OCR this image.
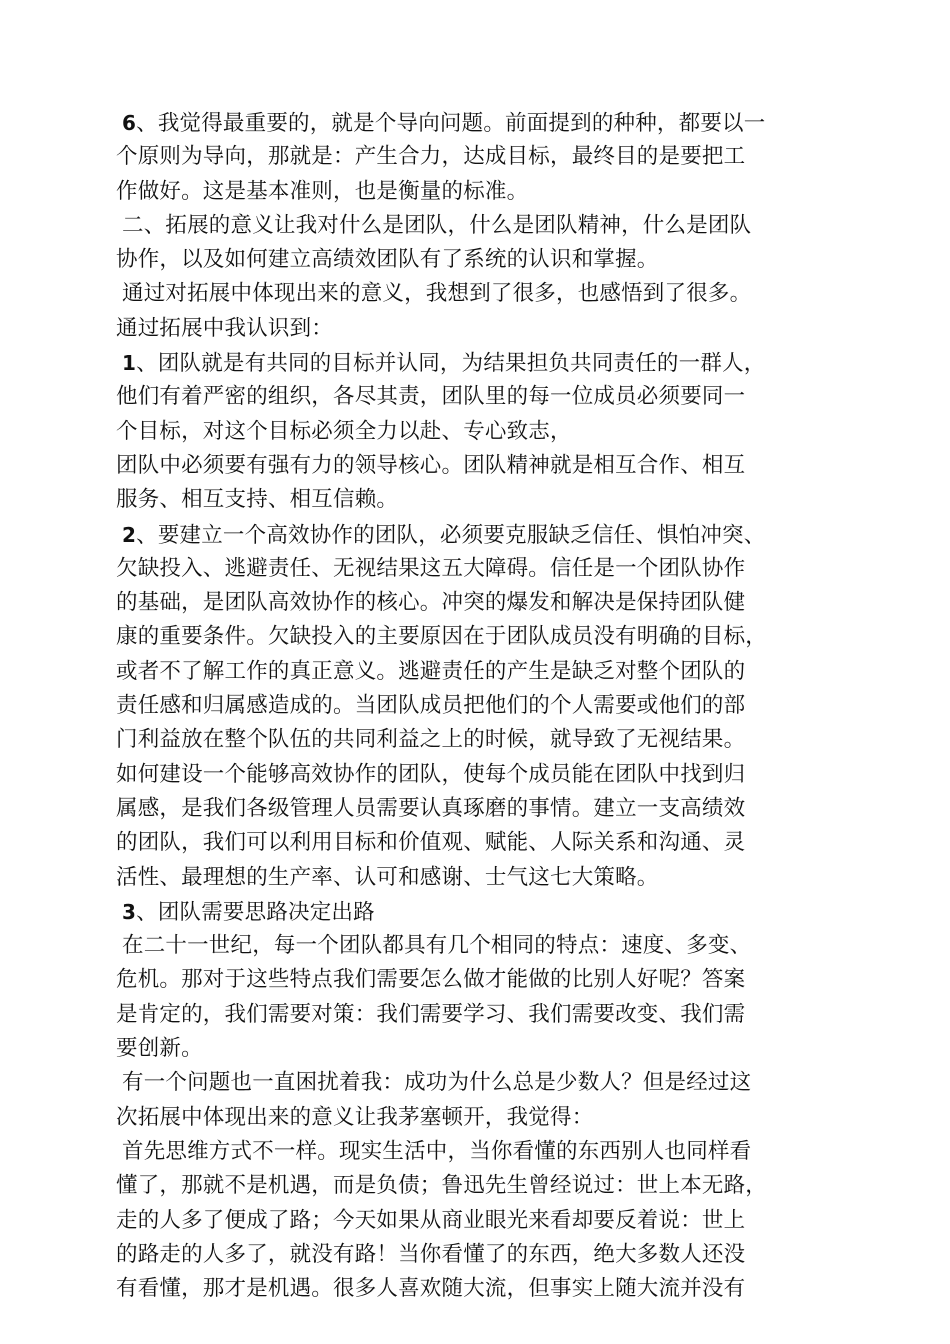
6、我觉得最重要的，就是个导向问题。前面提到的种种，都要以一
个原则为导向，那就是：产生合力，达成目标，最终目的是要把工
作做好。这是基本准则，也是衡量的标准。
二、拓展的意义让我对什么是团队，什么是团队精神，什么是团队
协作，以及如何建立高绩效团队有了系统的认识和掌握。
通过对拓展中体现出来的意义，我想到了很多，也感悟到了很多。
通过拓展中我认识到：
1、团队就是有共同的目标并认同，为结果担负共同责任的一群人，
他们有着严密的组织，各尽其责，团队里的每一位成员必须要同一
个目标，对这个目标必须全力以赴、专心致志，
团队中必须要有强有力的领导核心。团队精神就是相互合作、相互
服务、相互支持、相互信赖。
2、要建立一个高效协作的团队，必须要克服缺乏信任、惧怕冲突、
欠缺投入、逃避责任、无视结果这五大障碍。信任是一个团队协作
的基础，是团队高效协作的核心。冲突的爆发和解决是保持团队健
康的重要条件。欠缺投入的主要原因在于团队成员没有明确的目标，
或者不了解工作的真正意义。逃避责任的产生是缺乏对整个团队的
责任感和归属感造成的。当团队成员把他们的个人需要或他们的部
门利益放在整个队伍的共同利益之上的时候，就导致了无视结果。
如何建设一个能够高效协作的团队，使每个成员能在团队中找到归
属感，是我们各级管理人员需要认真琢磨的事情。建立一支高绩效
的团队，我们可以利用目标和价值观、赋能、人际关系和沟通、灵
活性、最理想的生产率、认可和感谢、士气这七大策略。
3、团队需要思路决定出路
在二十一世纪，每一个团队都具有几个相同的特点：速度、多变、
危机。那对于这些特点我们需要怎么做才能做的比别人好呢？答案
是肯定的，我们需要对策：我们需要学习、我们需要改变、我们需
要创新。
有一个问题也一直困扰着我：成功为什么总是少数人？但是经过这
次拓展中体现出来的意义让我茅塞顿开，我觉得：
首先思维方式不一样。现实生活中，当你看懂的东西别人也同样看
懂了，那就不是机遇，而是负债；鲁迅先生曾经说过：世上本无路，
走的人多了便成了路；今天如果从商业眼光来看却要反着说：世上
的路走的人多了，就没有路！当你看懂了的东西，绝大多数人还没
有看懂，那才是机遇。很多人喜欢随大流，但事实上随大流并没有
